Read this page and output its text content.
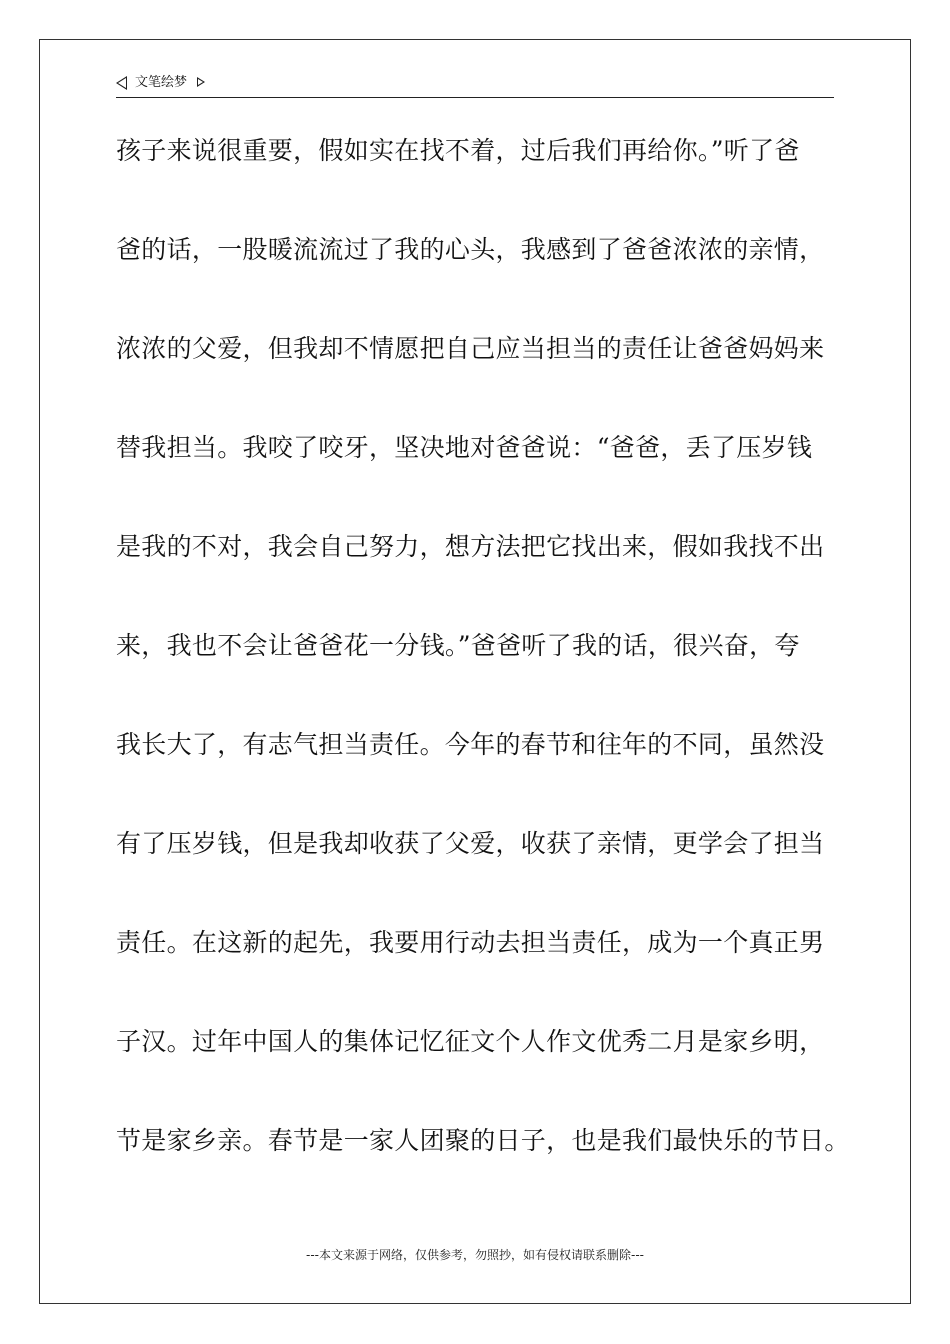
文笔绘梦
孩子来说很重要，假如实在找不着，过后我们再给你。”听了爸
爸的话，一股暖流流过了我的心头，我感到了爸爸浓浓的亲情，
浓浓的父爱，但我却不情愿把自己应当担当的责任让爸爸妈妈来
替我担当。我咬了咬牙，坚决地对爸爸说：“爸爸，丢了压岁钱
是我的不对，我会自己努力，想方法把它找出来，假如我找不出
来，我也不会让爸爸花一分钱。”爸爸听了我的话，很兴奋，夸
我长大了，有志气担当责任。今年的春节和往年的不同，虽然没
有了压岁钱，但是我却收获了父爱，收获了亲情，更学会了担当
责任。在这新的起先，我要用行动去担当责任，成为一个真正男
子汉。过年中国人的集体记忆征文个人作文优秀二月是家乡明，
节是家乡亲。春节是一家人团聚的日子，也是我们最快乐的节日。
---本文来源于网络，仅供参考，勿照抄，如有侵权请联系删除---
